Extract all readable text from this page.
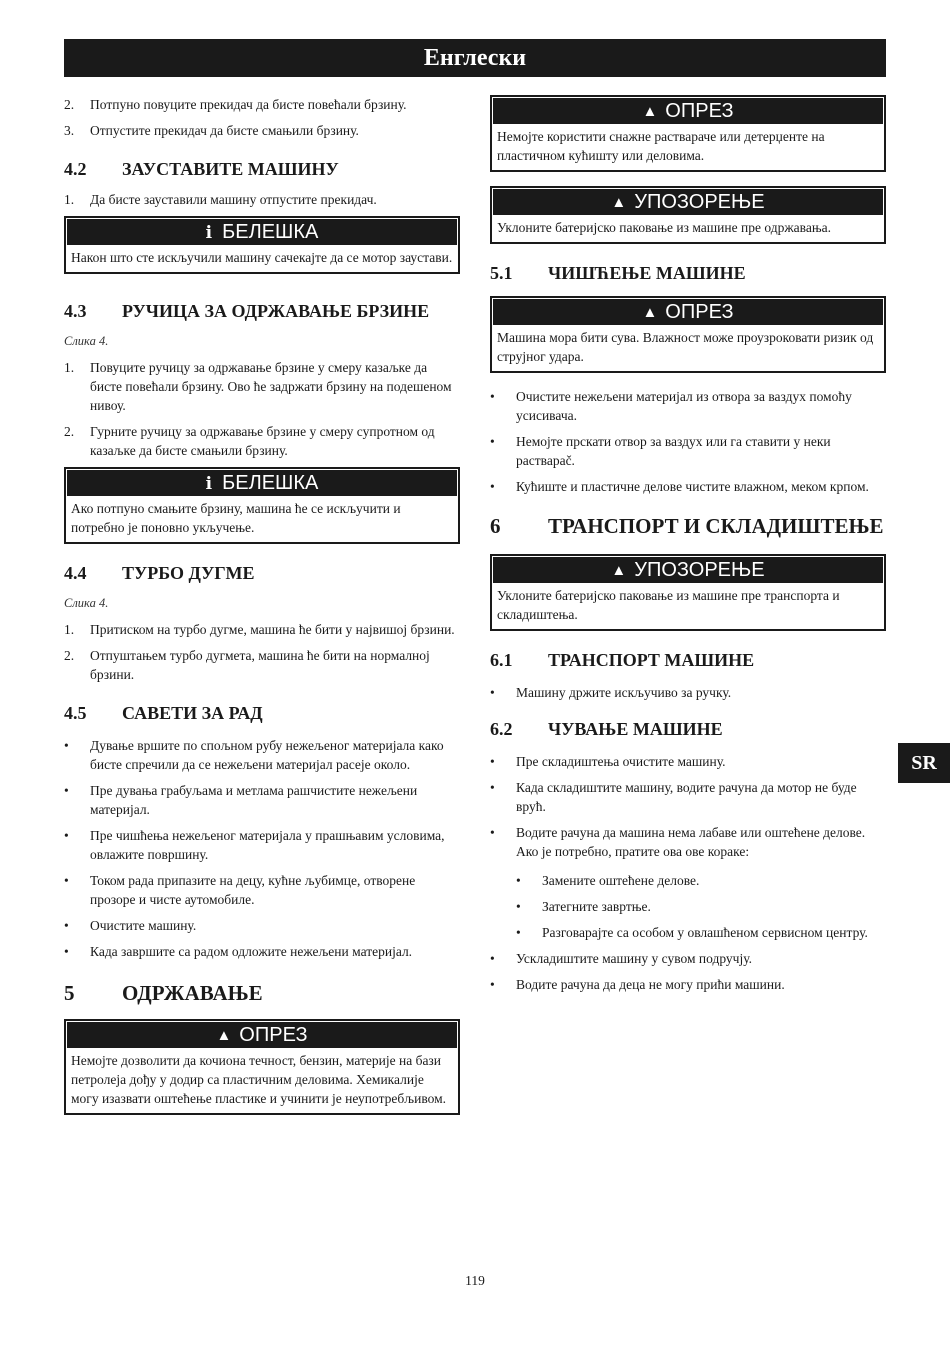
Енглески
2. Потпуно повуците прекидач да бисте повећали брзину.
3. Отпустите прекидач да бисте смањили брзину.
4.2 ЗАУСТАВИТЕ МАШИНУ
1. Да бисте зауставили машину отпустите прекидач.
i БЕЛЕШКА
Након што сте искључили машину сачекајте да се мотор заустави.
4.3 РУЧИЦА ЗА ОДРЖАВАЊЕ БРЗИНЕ
Слика 4.
1. Повуците ручицу за одржавање брзине у смеру казаљке да бисте повећали брзину. Ово ће задржати брзину на подешеном нивоу.
2. Гурните ручицу за одржавање брзине у смеру супротном од казаљке да бисте смањили брзину.
i БЕЛЕШКА
Ако потпуно смањите брзину, машина ће се искључити и потребно је поновно укључење.
4.4 ТУРБО ДУГМЕ
Слика 4.
1. Притиском на турбо дугме, машина ће бити у највишој брзини.
2. Отпуштањем турбо дугмета, машина ће бити на нормалној брзини.
4.5 САВЕТИ ЗА РАД
• Дување вршите по спољном рубу нежељеног материјала како бисте спречили да се нежељени материјал расеје около.
• Пре дувања грабуљама и метлама рашчистите нежељени материјал.
• Пре чишћења нежељеног материјала у прашњавим условима, овлажите површину.
• Током рада припазите на децу, кућне љубимце, отворене прозоре и чисте аутомобиле.
• Очистите машину.
• Када завршите са радом одложите нежељени материјал.
5 ОДРЖАВАЊЕ
▲ ОПРЕЗ
Немојте дозволити да кочиона течност, бензин, материје на бази петролеја дођу у додир са пластичним деловима. Хемикалије могу изазвати оштећење пластике и учинити је неупотребљивом.
▲ ОПРЕЗ
Немојте користити снажне раствараче или детерџенте на пластичном кућишту или деловима.
▲ УПОЗОРЕЊЕ
Уклоните батеријско паковање из машине пре одржавања.
5.1 ЧИШЋЕЊЕ МАШИНЕ
▲ ОПРЕЗ
Машина мора бити сува. Влажност може проузроковати ризик од струјног удара.
• Очистите нежељени материјал из отвора за ваздух помоћу усисивача.
• Немојте прскати отвор за ваздух или га ставити у неки раствараč.
• Кућиште и пластичне делове чистите влажном, меком крпом.
6 ТРАНСПОРТ И СКЛАДИШТЕЊЕ
▲ УПОЗОРЕЊЕ
Уклоните батеријско паковање из машине пре транспорта и складиштења.
6.1 ТРАНСПОРТ МАШИНЕ
• Машину држите искључиво за ручку.
6.2 ЧУВАЊЕ МАШИНЕ
• Пре складиштења очистите машину.
• Када складиштите машину, водите рачуна да мотор не буде врућ.
• Водите рачуна да машина нема лабаве или оштећене делове. Ако је потребно, пратите ова ове кораке:
• Замените оштећене делове.
• Затегните завртње.
• Разговарајте са особом у овлашћеном сервисном центру.
• Ускладиштите машину у сувом подручју.
• Водите рачуна да деца не могу прићи машини.
SR
119
